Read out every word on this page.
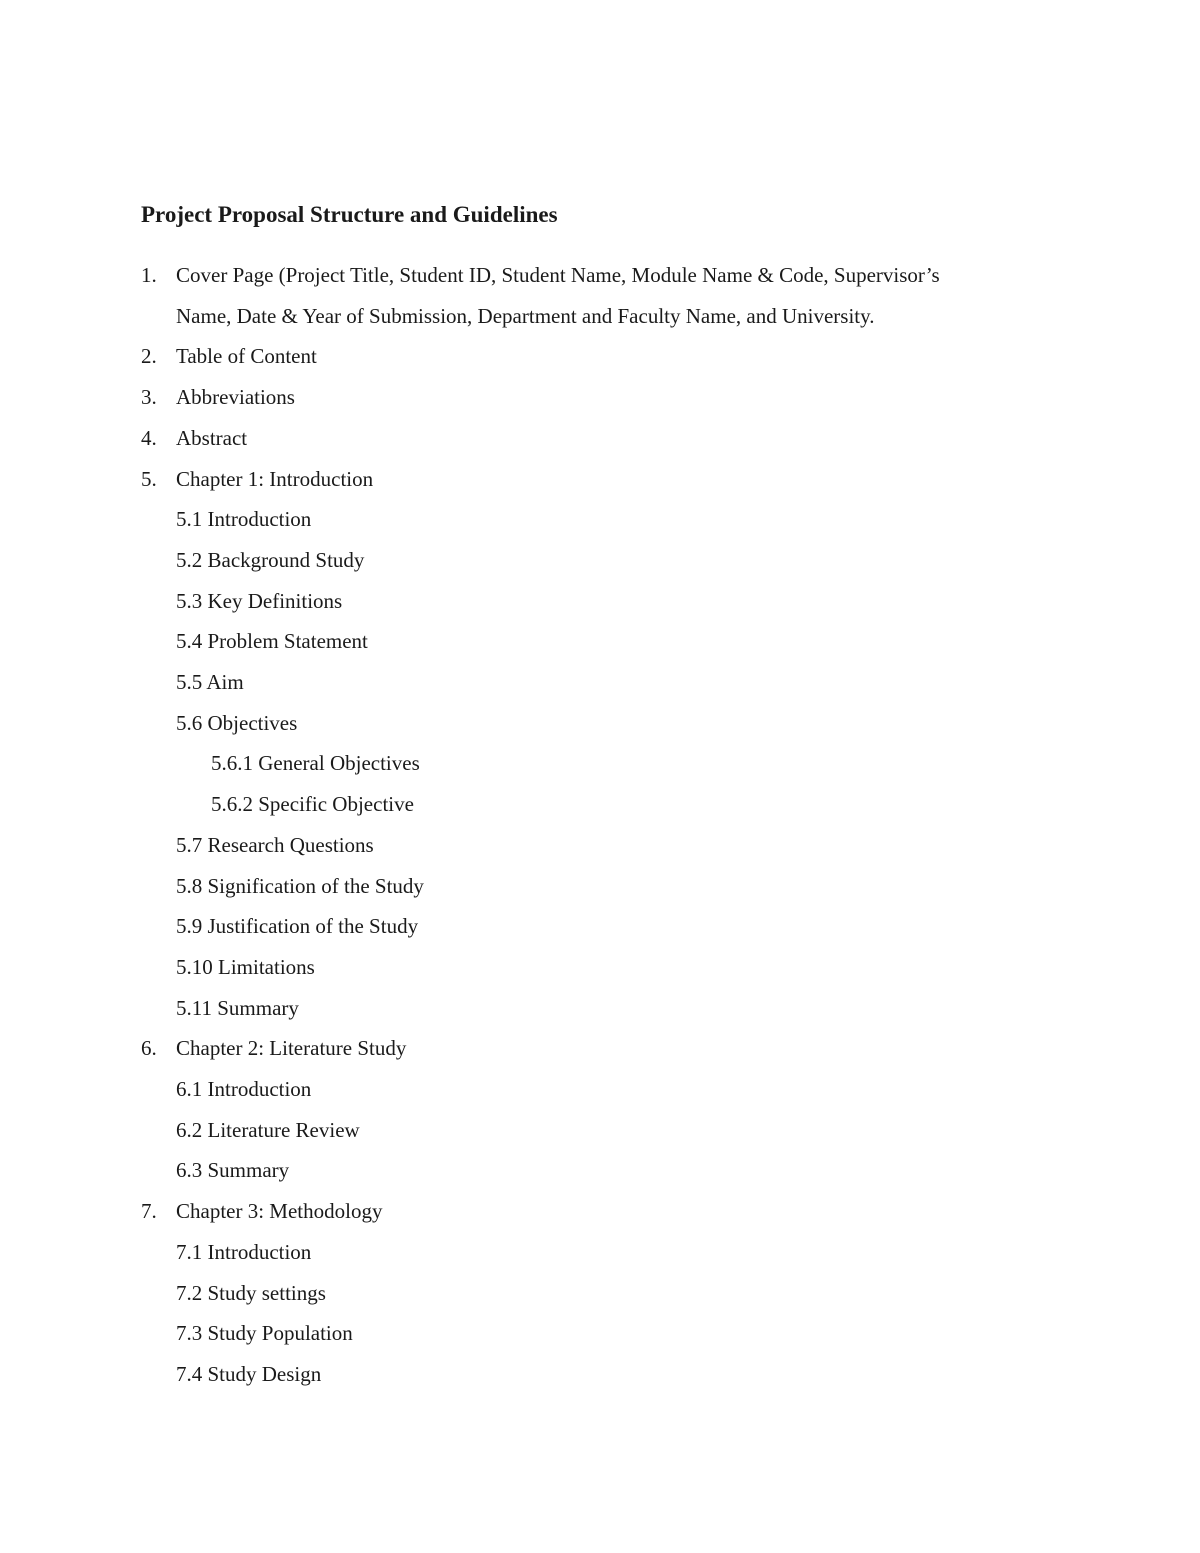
Project Proposal Structure and Guidelines
1. Cover Page (Project Title, Student ID, Student Name, Module Name & Code, Supervisor’s
Name, Date & Year of Submission, Department and Faculty Name, and University.
2. Table of Content
3. Abbreviations
4. Abstract
5. Chapter 1: Introduction
5.1 Introduction
5.2 Background Study
5.3 Key Definitions
5.4 Problem Statement
5.5 Aim
5.6 Objectives
5.6.1 General Objectives
5.6.2 Specific Objective
5.7 Research Questions
5.8 Signification of the Study
5.9 Justification of the Study
5.10 Limitations
5.11 Summary
6. Chapter 2: Literature Study
6.1 Introduction
6.2 Literature Review
6.3 Summary
7. Chapter 3: Methodology
7.1 Introduction
7.2 Study settings
7.3 Study Population
7.4 Study Design
